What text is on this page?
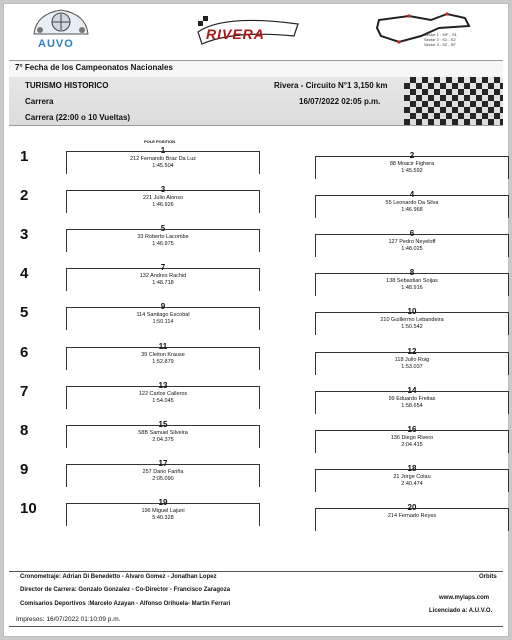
AUVO
RIVERA	Sector 1 : S/F - S1
Sector 2 : S1 - S2
Sector 3 : S2 - SF
7° Fecha de los Campeonatos Nacionales
TURISMO HISTORICO	Rivera - Circuito N°1 3,150 km
Carrera	16/07/2022 02:05 p.m.
Carrera (22:00 o 10 Vueltas)
POLE POSITION
1	1
212 Fernando Braz Da Luz
1:45.504
2
88 Moacir Fighera
1:45.592
2	3
221 Julio Alonso
1:46.926
4
55 Leonardo Da Silva
1:46.968
3	5
33 Roberto Lacombe
1:46.975
6
127 Pedro Neyeloff
1:48.025
4	7
132 Andres Rachid
1:48.718
8
138 Sebastian Soijas
1:48.916
5	9
114 Santiago Escobal
1:50.114
10
210 Guillermo Lebandeira
1:50.542
6	11
39 Cleiton Krause
1:52.879
12
118 Julio Roig
1:53.037
7	13
122 Carlos Calleros
1:54.045
14
99 Eduardo Freitas
1:58.654
8	15
58B Samuel Silveira
2:04.375
16
136 Diego Rivero
2:04.415
9	17
257 Dario Fariña
2:05.090
18
21 Jorge Colau
2:40.474
10	19
196 Miguel Lajuni
5:40.328
20
214 Fernado Reyes
Cronometraje: Adrian Di Benedetto - Alvaro Gomez - Jonathan Lopez	Orbits
Director de Carrera: Gonzalo Gonzalez - Co-Director - Francisco Zaragoza
www.mylaps.com
Comisarios Deportivos :Marcelo Azayan - Alfonso Orihuela- Martin Ferrari
Licenciado a: A.U.V.O.
Impresos: 16/07/2022 01:10:09 p.m.
